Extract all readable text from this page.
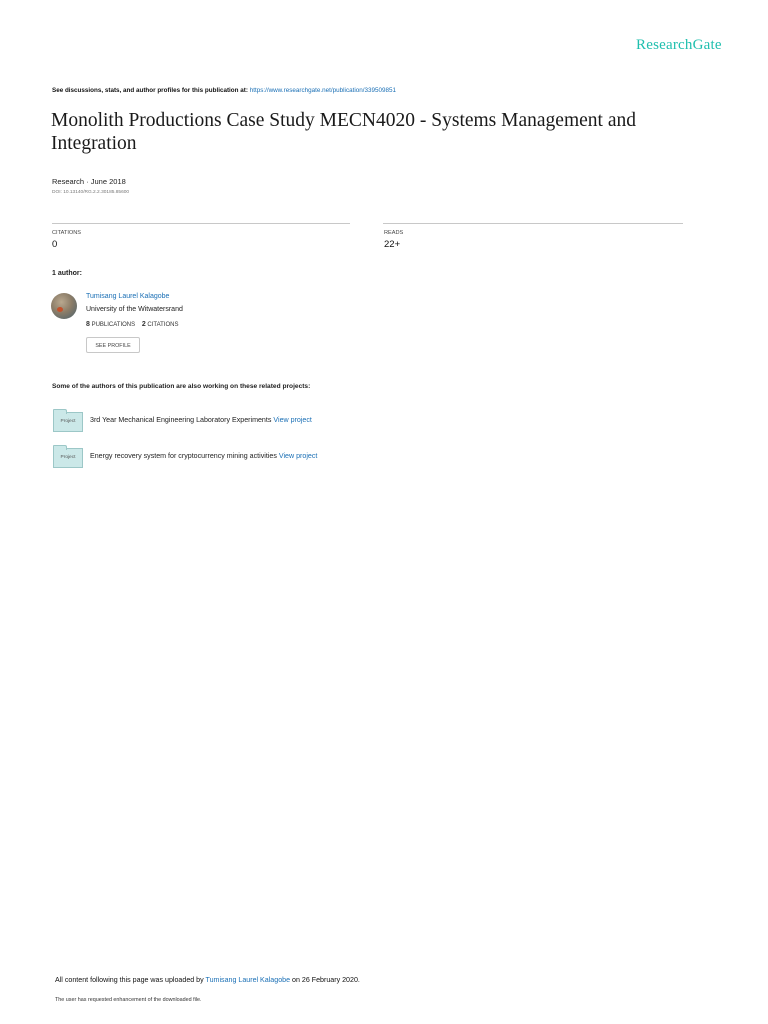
ResearchGate
See discussions, stats, and author profiles for this publication at: https://www.researchgate.net/publication/339509851
Monolith Productions Case Study MECN4020 - Systems Management and Integration
Research · June 2018
DOI: 10.13140/RG.2.2.30185.85600
CITATIONS
0
READS
22+
1 author:
Tumisang Laurel Kalagobe
University of the Witwatersrand
8 PUBLICATIONS 2 CITATIONS
SEE PROFILE
Some of the authors of this publication are also working on these related projects:
Project	3rd Year Mechanical Engineering Laboratory Experiments View project
Project	Energy recovery system for cryptocurrency mining activities View project
All content following this page was uploaded by Tumisang Laurel Kalagobe on 26 February 2020.
The user has requested enhancement of the downloaded file.
